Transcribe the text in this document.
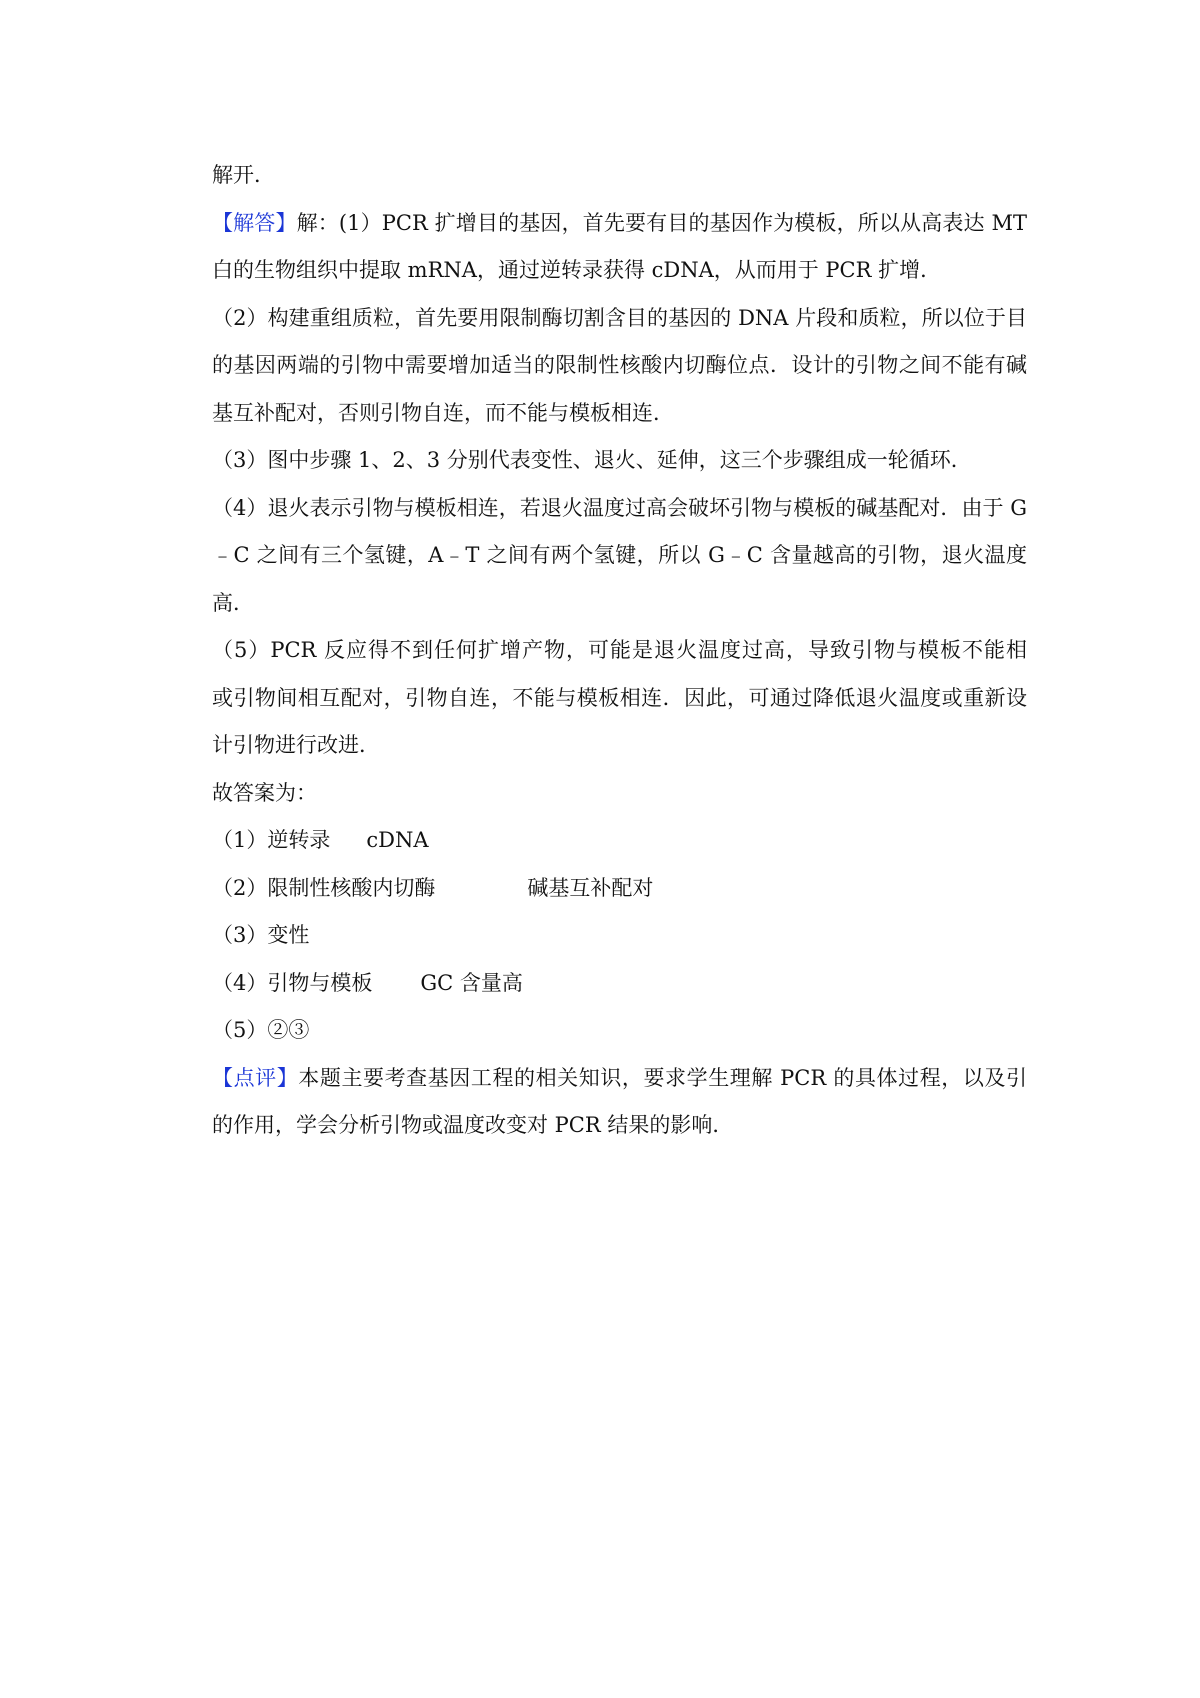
解开．
【解答】解：(1）PCR 扩增目的基因，首先要有目的基因作为模板，所以从高表达 MT
白的生物组织中提取 mRNA，通过逆转录获得 cDNA，从而用于 PCR 扩增．
（2）构建重组质粒，首先要用限制酶切割含目的基因的 DNA 片段和质粒，所以位于目
的基因两端的引物中需要增加适当的限制性核酸内切酶位点．设计的引物之间不能有碱
基互补配对，否则引物自连，而不能与模板相连．
（3）图中步骤 1、2、3 分别代表变性、退火、延伸，这三个步骤组成一轮循环．
（4）退火表示引物与模板相连，若退火温度过高会破坏引物与模板的碱基配对．由于 G
﹣C 之间有三个氢键，A﹣T 之间有两个氢键，所以 G﹣C 含量越高的引物，退火温度
高．
（5）PCR 反应得不到任何扩增产物，可能是退火温度过高，导致引物与模板不能相
或引物间相互配对，引物自连，不能与模板相连．因此，可通过降低退火温度或重新设
计引物进行改进．
故答案为：
（1）逆转录 cDNA
（2）限制性核酸内切酶	碱基互补配对
（3）变性
（4）引物与模板 GC 含量高
（5）②③
【点评】本题主要考查基因工程的相关知识，要求学生理解 PCR 的具体过程，以及引
的作用，学会分析引物或温度改变对 PCR 结果的影响．
